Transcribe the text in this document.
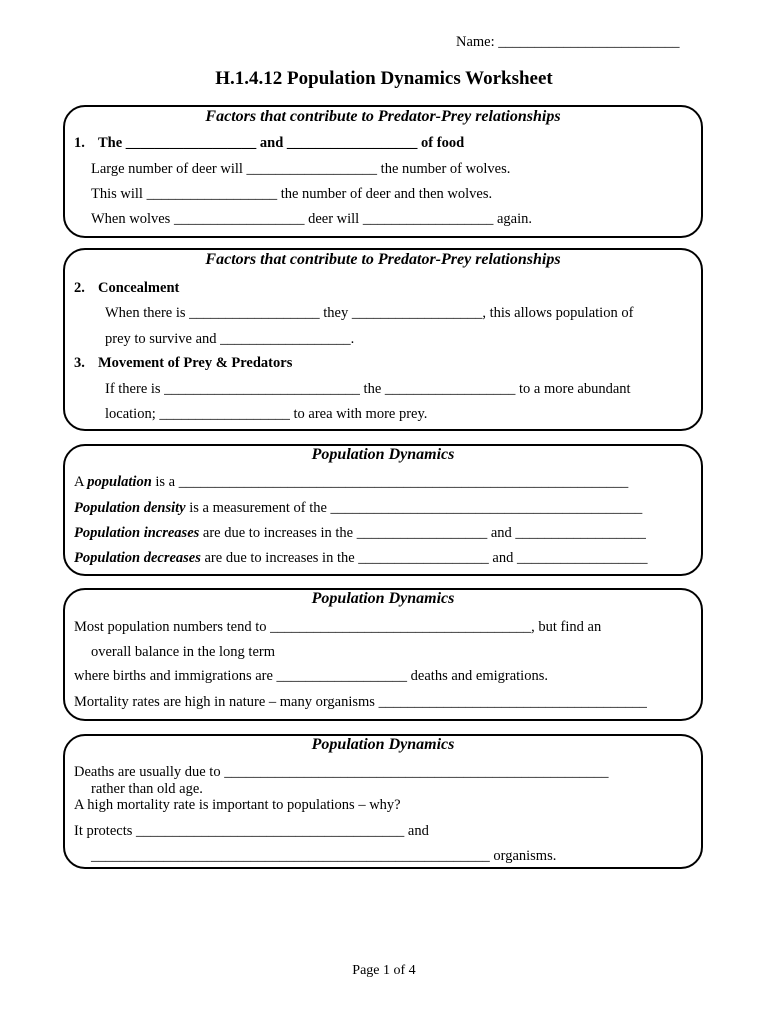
Name: _________________________
H.1.4.12 Population Dynamics Worksheet
Factors that contribute to Predator-Prey relationships
1. The __________________ and __________________ of food
Large number of deer will __________________ the number of wolves.
This will __________________ the number of deer and then wolves.
When wolves __________________ deer will __________________ again.
Factors that contribute to Predator-Prey relationships
2. Concealment
When there is __________________ they __________________, this allows population of
prey to survive and __________________.
3. Movement of Prey & Predators
If there is ___________________________ the __________________ to a more abundant
location; __________________ to area with more prey.
Population Dynamics
A population is a ______________________________________________________________
Population density is a measurement of the ___________________________________________
Population increases are due to increases in the __________________ and __________________
Population decreases are due to increases in the __________________ and __________________
Population Dynamics
Most population numbers tend to ____________________________________, but find an
overall balance in the long term
where births and immigrations are __________________ deaths and emigrations.
Mortality rates are high in nature – many organisms _____________________________________
Population Dynamics
Deaths are usually due to _____________________________________________________
rather than old age.
A high mortality rate is important to populations – why?
It protects _____________________________________ and
_______________________________________________________ organisms.
Page 1 of 4
